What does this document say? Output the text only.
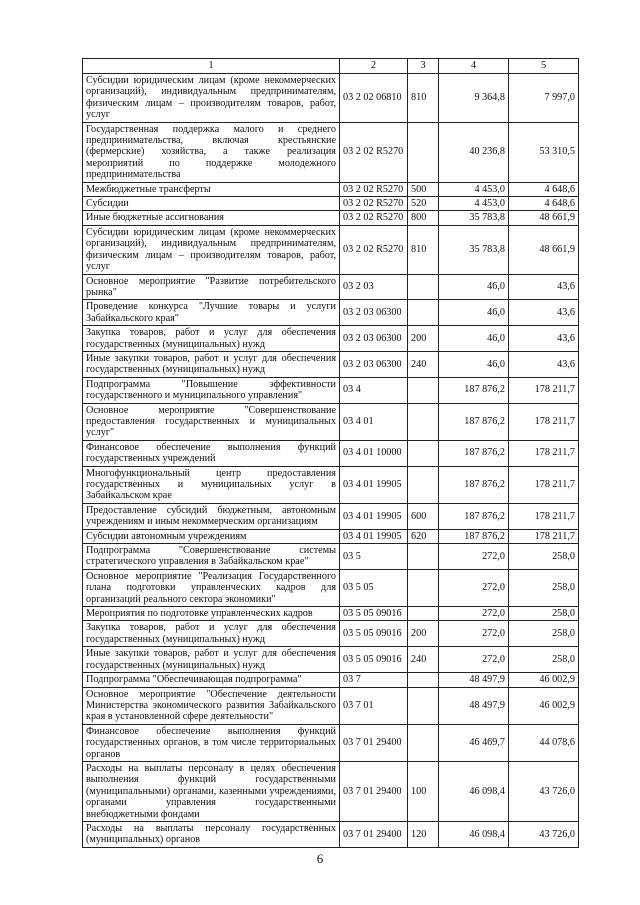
1	2	3	4	5
Субсидии юридическим лицам (кроме некоммерческих организаций), индивидуальным предпринимателям, физическим лицам – производителям товаров, работ, услуг	03 2 02 06810	810	9 364,8	7 997,0
Государственная поддержка малого и среднего предпринимательства, включая крестьянские (фермерские) хозяйства, а также реализация мероприятий по поддержке молодежного предпринимательства	03 2 02 R5270		40 236,8	53 310,5
Межбюджетные трансферты	03 2 02 R5270	500	4 453,0	4 648,6
Субсидии	03 2 02 R5270	520	4 453,0	4 648,6
Иные бюджетные ассигнования	03 2 02 R5270	800	35 783,8	48 661,9
Субсидии юридическим лицам (кроме некоммерческих организаций), индивидуальным предпринимателям, физическим лицам – производителям товаров, работ, услуг	03 2 02 R5270	810	35 783,8	48 661,9
Основное мероприятие "Развитие потребительского рынка"	03 2 03		46,0	43,6
Проведение конкурса "Лучшие товары и услуги Забайкальского края"	03 2 03 06300		46,0	43,6
Закупка товаров, работ и услуг для обеспечения государственных (муниципальных) нужд	03 2 03 06300	200	46,0	43,6
Иные закупки товаров, работ и услуг для обеспечения государственных (муниципальных) нужд	03 2 03 06300	240	46,0	43,6
Подпрограмма "Повышение эффективности государственного и муниципального управления"	03 4		187 876,2	178 211,7
Основное мероприятие "Совершенствование предоставления государственных и муниципальных услуг"	03 4 01		187 876,2	178 211,7
Финансовое обеспечение выполнения функций государственных учреждений	03 4 01 10000		187 876,2	178 211,7
Многофункциональный центр предоставления государственных и муниципальных услуг в Забайкальском крае	03 4 01 19905		187 876,2	178 211,7
Предоставление субсидий бюджетным, автономным учреждениям и иным некоммерческим организациям	03 4 01 19905	600	187 876,2	178 211,7
Субсидии автономным учреждениям	03 4 01 19905	620	187 876,2	178 211,7
Подпрограмма "Совершенствование системы стратегического управления в Забайкальском крае"	03 5		272,0	258,0
Основное мероприятие "Реализация Государственного плана подготовки управленческих кадров для организаций реального сектора экономики"	03 5 05		272,0	258,0
Мероприятия по подготовке управленческих кадров	03 5 05 09016		272,0	258,0
Закупка товаров, работ и услуг для обеспечения государственных (муниципальных) нужд	03 5 05 09016	200	272,0	258,0
Иные закупки товаров, работ и услуг для обеспечения государственных (муниципальных) нужд	03 5 05 09016	240	272,0	258,0
Подпрограмма "Обеспечивающая подпрограмма"	03 7		48 497,9	46 002,9
Основное мероприятие "Обеспечение деятельности Министерства экономического развития Забайкальского края в установленной сфере деятельности"	03 7 01		48 497,9	46 002,9
Финансовое обеспечение выполнения функций государственных органов, в том числе территориальных органов	03 7 01 29400		46 469,7	44 078,6
Расходы на выплаты персоналу в целях обеспечения выполнения функций государственными (муниципальными) органами, казенными учреждениями, органами управления государственными внебюджетными фондами	03 7 01 29400	100	46 098,4	43 726,0
Расходы на выплаты персоналу государственных (муниципальных) органов	03 7 01 29400	120	46 098,4	43 726,0
6
